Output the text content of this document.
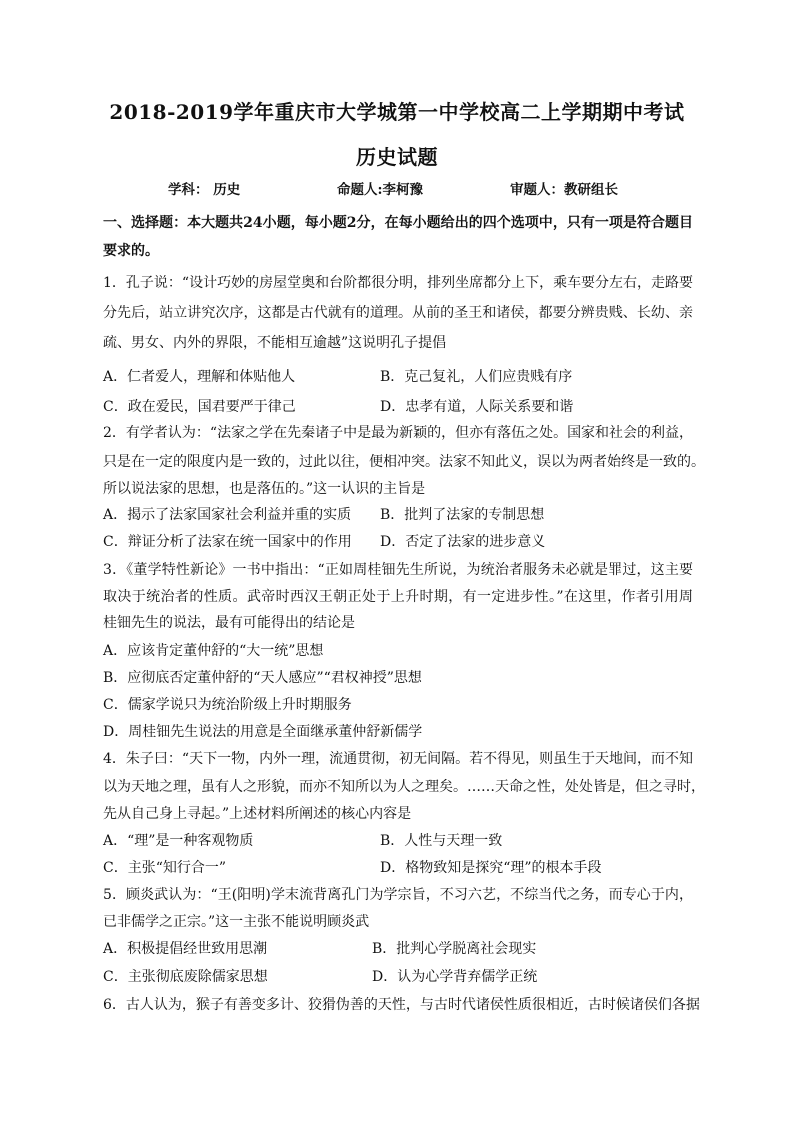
2018-2019学年重庆市大学城第一中学校高二上学期期中考试
历史试题
学科： 历史	命题人:李柯豫	审题人：教研组长
一、选择题：本大题共24小题，每小题2分，在每小题给出的四个选项中，只有一项是符合题目
要求的。
1．孔子说：“设计巧妙的房屋堂奥和台阶都很分明，排列坐席都分上下，乘车要分左右，走路要
分先后，站立讲究次序，这都是古代就有的道理。从前的圣王和诸侯，都要分辨贵贱、长幼、亲
疏、男女、内外的界限，不能相互逾越”这说明孔子提倡
A．仁者爱人，理解和体贴他人	B．克己复礼，人们应贵贱有序
C．政在爱民，国君要严于律己	D．忠孝有道，人际关系要和谐
2．有学者认为：“法家之学在先秦诸子中是最为新颖的，但亦有落伍之处。国家和社会的利益，
只是在一定的限度内是一致的，过此以往，便相冲突。法家不知此义，误以为两者始终是一致的。
所以说法家的思想，也是落伍的。”这一认识的主旨是
A．揭示了法家国家社会利益并重的实质 B．批判了法家的专制思想
C．辩证分析了法家在统一国家中的作用 D．否定了法家的进步意义
3．《董学特性新论》一书中指出：“正如周桂钿先生所说，为统治者服务未必就是罪过，这主要
取决于统治者的性质。武帝时西汉王朝正处于上升时期，有一定进步性。”在这里，作者引用周
桂钿先生的说法，最有可能得出的结论是
A．应该肯定董仲舒的“大一统”思想
B．应彻底否定董仲舒的“天人感应”“君权神授”思想
C．儒家学说只为统治阶级上升时期服务
D．周桂钿先生说法的用意是全面继承董仲舒新儒学
4．朱子曰：“天下一物，内外一理，流通贯彻，初无间隔。若不得见，则虽生于天地间，而不知
以为天地之理，虽有人之形貌，而亦不知所以为人之理矣。……天命之性，处处皆是，但之寻时，
先从自己身上寻起。”上述材料所阐述的核心内容是
A．“理”是一种客观物质	B．人性与天理一致
C．主张“知行合一”	D．格物致知是探究“理”的根本手段
5．顾炎武认为：“王(阳明)学末流背离孔门为学宗旨，不习六艺，不综当代之务，而专心于内，
已非儒学之正宗。”这一主张不能说明顾炎武
A．积极提倡经世致用思潮	B．批判心学脱离社会现实
C．主张彻底废除儒家思想	D．认为心学背弃儒学正统
6．古人认为，猴子有善变多计、狡猾伪善的天性，与古时代诸侯性质很相近，古时候诸侯们各据
